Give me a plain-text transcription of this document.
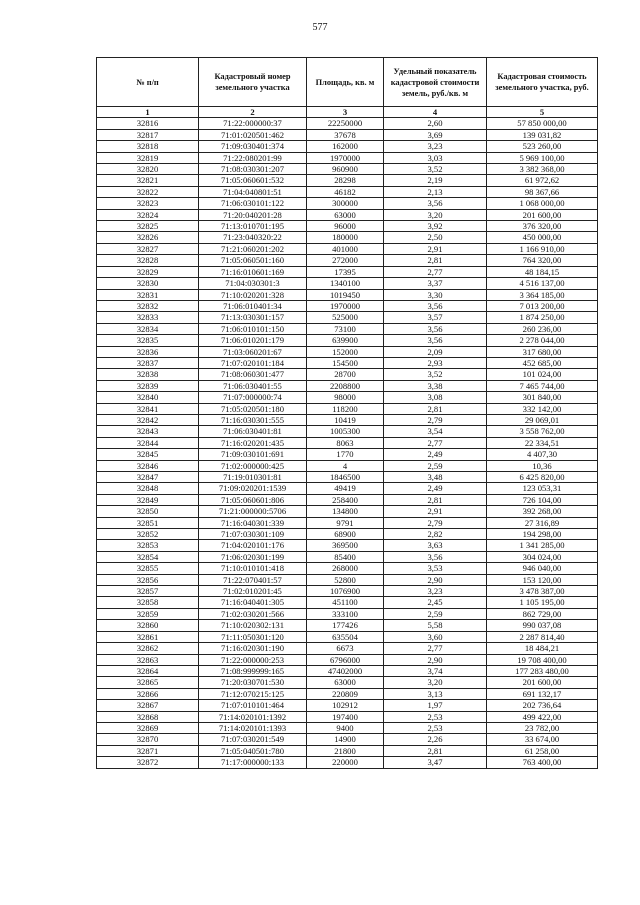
577
№ п/п	Кадастровый номер земельного участка	Площадь, кв. м	Удельный показатель кадастровой стоимости земель, руб./кв. м	Кадастровая стоимость земельного участка, руб.
1	2	3	4	5
32816	71:22:000000:37	22250000	2,60	57 850 000,00
32817	71:01:020501:462	37678	3,69	139 031,82
32818	71:09:030401:374	162000	3,23	523 260,00
32819	71:22:080201:99	1970000	3,03	5 969 100,00
32820	71:08:030301:207	960900	3,52	3 382 368,00
32821	71:05:060601:532	28298	2,19	61 972,62
32822	71:04:040801:51	46182	2,13	98 367,66
32823	71:06:030101:122	300000	3,56	1 068 000,00
32824	71:20:040201:28	63000	3,20	201 600,00
32825	71:13:010701:195	96000	3,92	376 320,00
32826	71:23:040320:22	180000	2,50	450 000,00
32827	71:21:060201:202	401000	2,91	1 166 910,00
32828	71:05:060501:160	272000	2,81	764 320,00
32829	71:16:010601:169	17395	2,77	48 184,15
32830	71:04:030301:3	1340100	3,37	4 516 137,00
32831	71:10:020201:328	1019450	3,30	3 364 185,00
32832	71:06:010401:34	1970000	3,56	7 013 200,00
32833	71:13:030301:157	525000	3,57	1 874 250,00
32834	71:06:010101:150	73100	3,56	260 236,00
32835	71:06:010201:179	639900	3,56	2 278 044,00
32836	71:03:060201:67	152000	2,09	317 680,00
32837	71:07:020101:184	154500	2,93	452 685,00
32838	71:08:060301:477	28700	3,52	101 024,00
32839	71:06:030401:55	2208800	3,38	7 465 744,00
32840	71:07:000000:74	98000	3,08	301 840,00
32841	71:05:020501:180	118200	2,81	332 142,00
32842	71:16:030301:555	10419	2,79	29 069,01
32843	71:06:030401:81	1005300	3,54	3 558 762,00
32844	71:16:020201:435	8063	2,77	22 334,51
32845	71:09:030101:691	1770	2,49	4 407,30
32846	71:02:000000:425	4	2,59	10,36
32847	71:19:010301:81	1846500	3,48	6 425 820,00
32848	71:09:020201:1539	49419	2,49	123 053,31
32849	71:05:060601:806	258400	2,81	726 104,00
32850	71:21:000000:5706	134800	2,91	392 268,00
32851	71:16:040301:339	9791	2,79	27 316,89
32852	71:07:030301:109	68900	2,82	194 298,00
32853	71:04:020101:176	369500	3,63	1 341 285,00
32854	71:06:020301:199	85400	3,56	304 024,00
32855	71:10:010101:418	268000	3,53	946 040,00
32856	71:22:070401:57	52800	2,90	153 120,00
32857	71:02:010201:45	1076900	3,23	3 478 387,00
32858	71:16:040401:305	451100	2,45	1 105 195,00
32859	71:02:030201:566	333100	2,59	862 729,00
32860	71:10:020302:131	177426	5,58	990 037,08
32861	71:11:050301:120	635504	3,60	2 287 814,40
32862	71:16:020301:190	6673	2,77	18 484,21
32863	71:22:000000:253	6796000	2,90	19 708 400,00
32864	71:08:999999:165	47402000	3,74	177 283 480,00
32865	71:20:030701:530	63000	3,20	201 600,00
32866	71:12:070215:125	220809	3,13	691 132,17
32867	71:07:010101:464	102912	1,97	202 736,64
32868	71:14:020101:1392	197400	2,53	499 422,00
32869	71:14:020101:1393	9400	2,53	23 782,00
32870	71:07:030201:549	14900	2,26	33 674,00
32871	71:05:040501:780	21800	2,81	61 258,00
32872	71:17:000000:133	220000	3,47	763 400,00
